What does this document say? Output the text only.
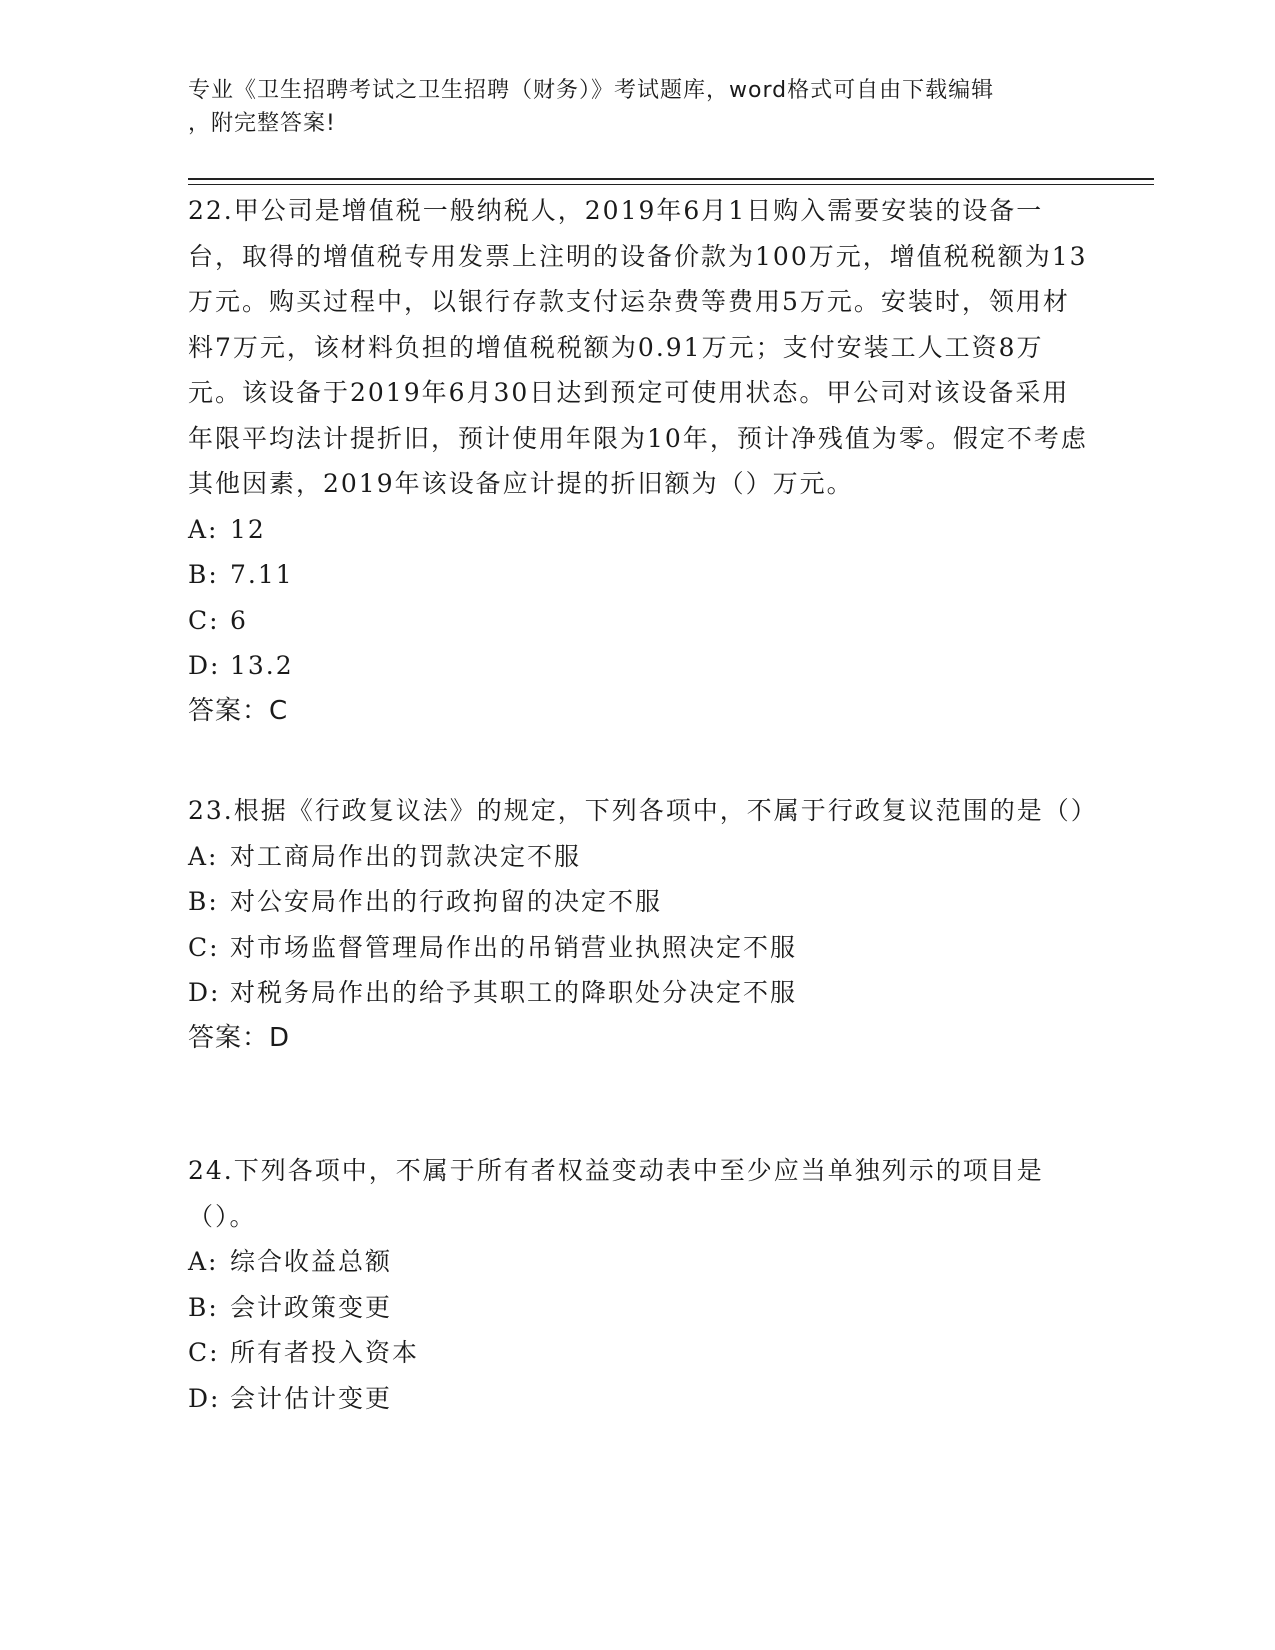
专业《卫生招聘考试之卫生招聘（财务）》考试题库，word格式可自由下载编辑
，附完整答案!

22.甲公司是增值税一般纳税人，2019年6月1日购入需要安装的设备一台，取得的增值税专用发票上注明的设备价款为100万元，增值税税额为13万元。购买过程中，以银行存款支付运杂费等费用5万元。安装时，领用材料7万元，该材料负担的增值税税额为0.91万元；支付安装工人工资8万元。该设备于2019年6月30日达到预定可使用状态。甲公司对该设备采用年限平均法计提折旧，预计使用年限为10年，预计净残值为零。假定不考虑其他因素，2019年该设备应计提的折旧额为（）万元。

A: 12

B: 7.11

C: 6

D: 13.2

答案：C

23.根据《行政复议法》的规定，下列各项中，不属于行政复议范围的是（）

A: 对工商局作出的罚款决定不服

B: 对公安局作出的行政拘留的决定不服

C: 对市场监督管理局作出的吊销营业执照决定不服

D: 对税务局作出的给予其职工的降职处分决定不服

答案：D

24.下列各项中，不属于所有者权益变动表中至少应当单独列示的项目是（）。

A: 综合收益总额

B: 会计政策变更

C: 所有者投入资本

D: 会计估计变更
